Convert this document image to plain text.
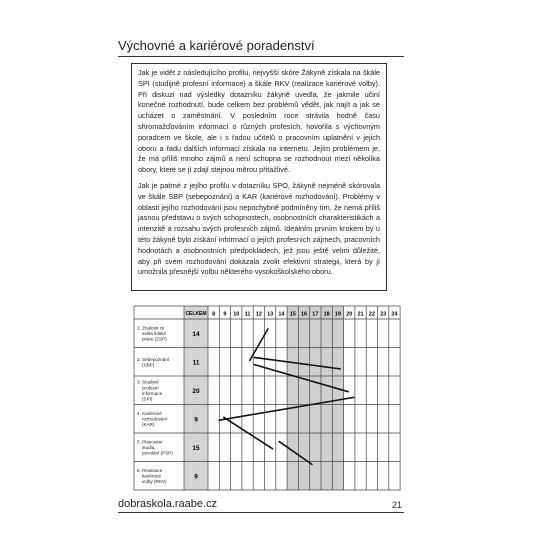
Výchovné a kariérové poradenství

Jak je vidět z následujícího profilu, nejvyšší skóre Žákyně získala na škále SPI (studijně profesní informace) a škále RKV (realizace kariérové volby). Při diskuzi nad výsledky dotazníku žákyně uvedla, že jakmile učiní konečné rozhodnutí, bude celkem bez problémů vědět, jak najít a jak se ucházet o zaměstnání. V posledním roce strávila hodně času shromažďováním informací o různých profesích, hovořila s výchovným poradcem ve škole, ale i s řadou učitelů o pracovním uplatnění v jejich oboru a řadu dalších informací získala na internetu. Jejím problémem je, že má příliš mnoho zájmů a není schopna se rozhodnout mezi několika obory, které se jí zdají stejnou měrou přitažlivé.

Jak je patrné z jejího profilu v dotazníku SPO, žákyně nejméně skórovala ve škále SBP (sebepoznání) a KAR (kariérové rozhodování). Problémy v oblasti jejího rozhodování jsou nepochybně podmíněny tím, že nemá příliš jasnou představu o svých schopnostech, osobnostních charakteristikách a intenzitě a rozsahu svých profesních zájmů. Ideálním prvním krokem by u této žákyně bylo získání informací o jejích profesních zájmech, pracovních hodnotách a osobnostních předpokladech, jež jsou ještě velmi důležité, aby při svém rozhodování dokázala zvolit efektivní strategii, která by jí umožnila přesnější volbu některého vysokoškolského oboru.

CELKEM 8 9 10 11 12 13 14 15 16 17 18 19 20 21 22 23 24
1. Znalosti ze světa lidské práce (ZSP)
14
2. Sebepoznání (SBP)	11
3. Studijně profesní informace (SPI)
20
4. Kariérové rozhodování (KAR)
9
5. Plánování studia, povolání (PSP)
15
6. Realizace kariérové volby (RKV)
9
dobraskola.raabe.cz	21
